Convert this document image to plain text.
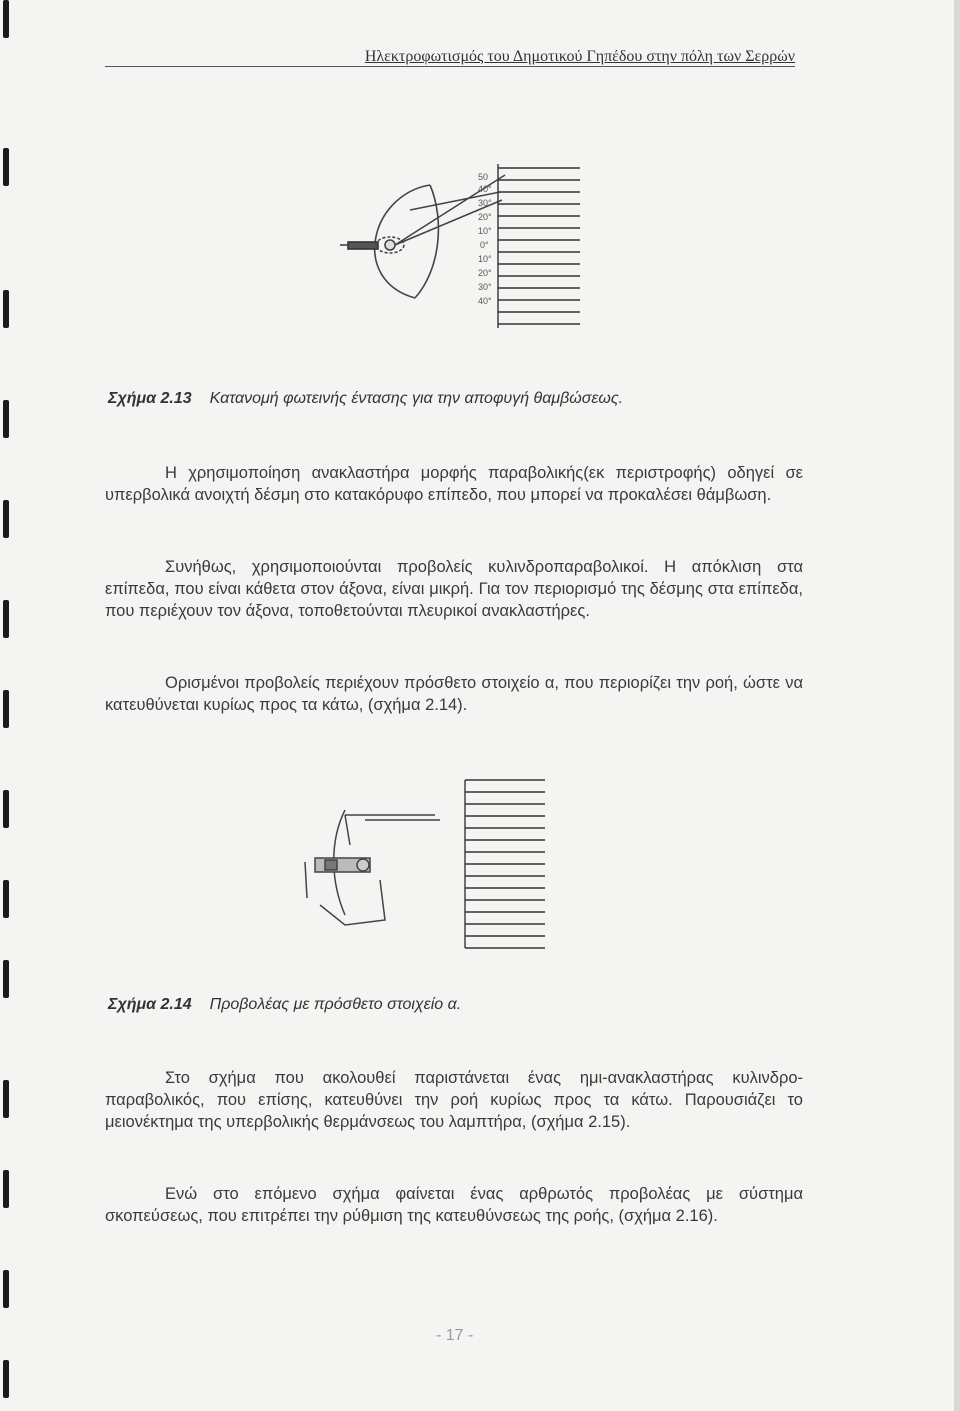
Ηλεκτροφωτισμός του Δημοτικού Γηπέδου στην πόλη των Σερρών
50
40°
30°
20°
10°
0°
10°
20°
30°
40°
Σχήμα 2.13 Κατανομή φωτεινής έντασης για την αποφυγή θαμβώσεως.

Η χρησιμοποίηση ανακλαστήρα μορφής παραβολικής(εκ περιστροφής) οδηγεί σε υπερβολικά ανοιχτή δέσμη στο κατακόρυφο επίπεδο, που μπορεί να προκαλέσει θάμβωση.

Συνήθως, χρησιμοποιούνται προβολείς κυλινδροπαραβολικοί. Η απόκλιση στα επίπεδα, που είναι κάθετα στον άξονα, είναι μικρή. Για τον περιορισμό της δέσμης στα επίπεδα, που περιέχουν τον άξονα, τοποθετούνται πλευρικοί ανακλαστήρες.

Ορισμένοι προβολείς περιέχουν πρόσθετο στοιχείο α, που περιορίζει την ροή, ώστε να κατευθύνεται κυρίως προς τα κάτω, (σχήμα 2.14).

Σχήμα 2.14 Προβολέας με πρόσθετο στοιχείο α.

Στο σχήμα που ακολουθεί παριστάνεται ένας ημι-ανακλαστήρας κυλινδρο-παραβολικός, που επίσης, κατευθύνει την ροή κυρίως προς τα κάτω. Παρουσιάζει το μειονέκτημα της υπερβολικής θερμάνσεως του λαμπτήρα, (σχήμα 2.15).

Ενώ στο επόμενο σχήμα φαίνεται ένας αρθρωτός προβολέας με σύστημα σκοπεύσεως, που επιτρέπει την ρύθμιση της κατευθύνσεως της ροής, (σχήμα 2.16).

- 17 -
